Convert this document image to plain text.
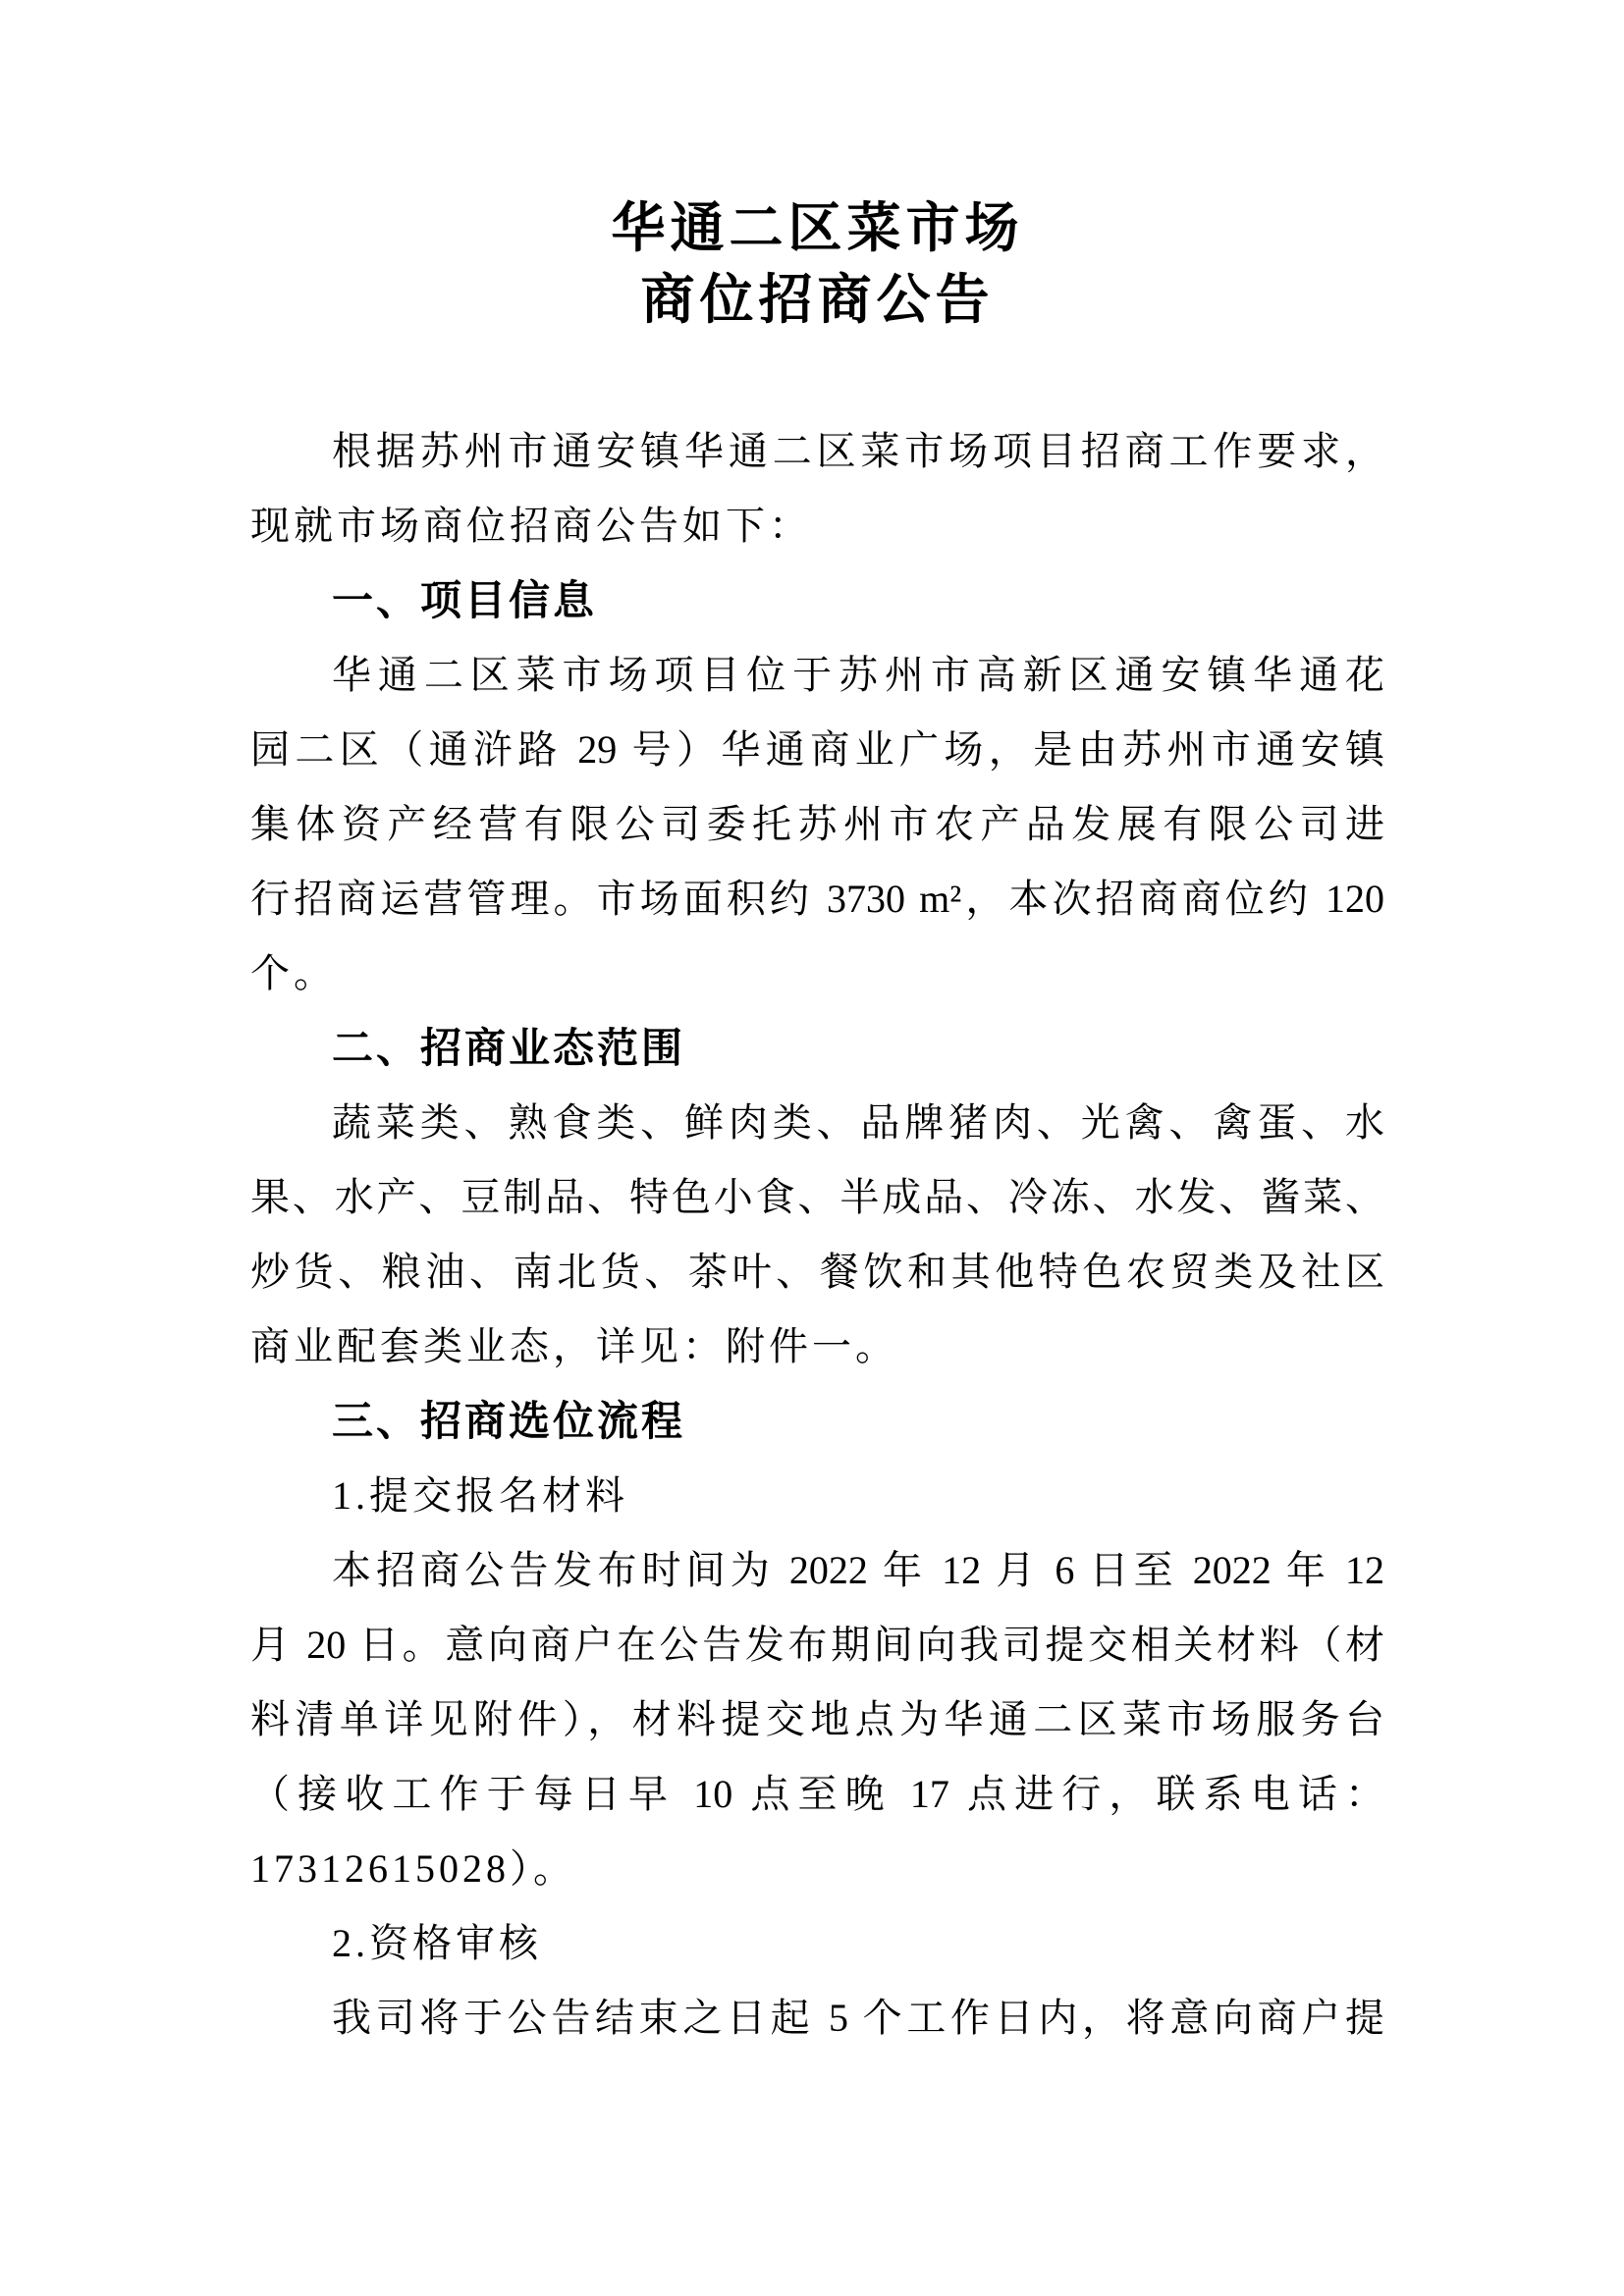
华通二区菜市场
商位招商公告
根据苏州市通安镇华通二区菜市场项目招商工作要求，
现就市场商位招商公告如下：
一、项目信息
华通二区菜市场项目位于苏州市高新区通安镇华通花
园二区（通浒路 29 号）华通商业广场，是由苏州市通安镇
集体资产经营有限公司委托苏州市农产品发展有限公司进
行招商运营管理。市场面积约 3730 m²，本次招商商位约 120
个。
二、招商业态范围
蔬菜类、熟食类、鲜肉类、品牌猪肉、光禽、禽蛋、水
果、水产、豆制品、特色小食、半成品、冷冻、水发、酱菜、
炒货、粮油、南北货、茶叶、餐饮和其他特色农贸类及社区
商业配套类业态，详见：附件一。
三、招商选位流程
1.提交报名材料
本招商公告发布时间为 2022 年 12 月 6 日至 2022 年 12
月 20 日。意向商户在公告发布期间向我司提交相关材料（材
料清单详见附件），材料提交地点为华通二区菜市场服务台
（接收工作于每日早 10 点至晚 17 点进行，联系电话：
17312615028）。
2.资格审核
我司将于公告结束之日起 5 个工作日内，将意向商户提
